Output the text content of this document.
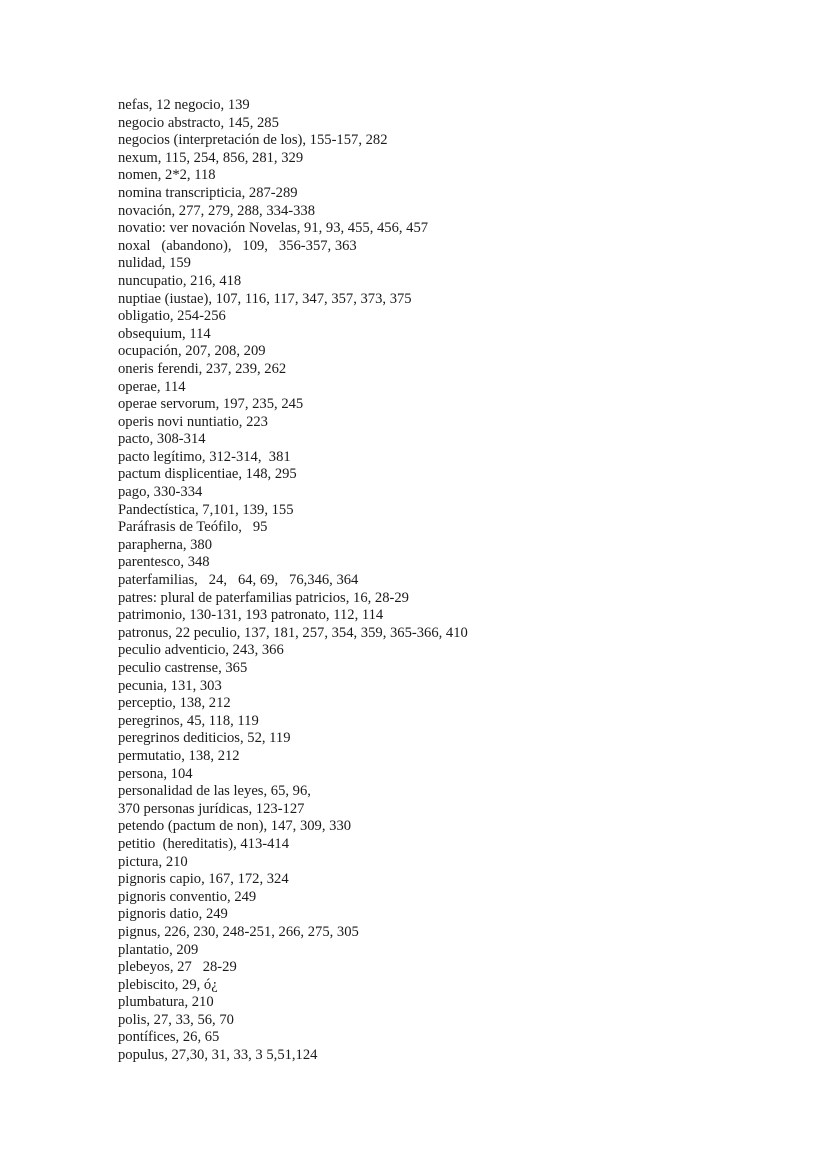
nefas, 12 negocio, 139
negocio abstracto, 145, 285
negocios (interpretación de los), 155-157, 282
nexum, 115, 254, 856, 281, 329
nomen, 2*2, 118
nomina transcripticia, 287-289
novación, 277, 279, 288, 334-338
novatio: ver novación Novelas, 91, 93, 455, 456, 457
noxal   (abandono),   109,   356-357, 363
nulidad, 159
nuncupatio, 216, 418
nuptiae (iustae), 107, 116, 117, 347, 357, 373, 375
obligatio, 254-256
obsequium, 114
ocupación, 207, 208, 209
oneris ferendi, 237, 239, 262
operae, 114
operae servorum, 197, 235, 245
operis novi nuntiatio, 223
pacto, 308-314
pacto legítimo, 312-314,  381
pactum displicentiae, 148, 295
pago, 330-334
Pandectística, 7,101, 139, 155
Paráfrasis de Teófilo,   95
parapherna, 380
parentesco, 348
paterfamilias,   24,   64, 69,   76,346, 364
patres: plural de paterfamilias patricios, 16, 28-29
patrimonio, 130-131, 193 patronato, 112, 114
patronus, 22 peculio, 137, 181, 257, 354, 359, 365-366, 410
peculio adventicio, 243, 366
peculio castrense, 365
pecunia, 131, 303
perceptio, 138, 212
peregrinos, 45, 118, 119
peregrinos dediticios, 52, 119
permutatio, 138, 212
persona, 104
personalidad de las leyes, 65, 96,
370 personas jurídicas, 123-127
petendo (pactum de non), 147, 309, 330
petitio  (hereditatis), 413-414
pictura, 210
pignoris capio, 167, 172, 324
pignoris conventio, 249
pignoris datio, 249
pignus, 226, 230, 248-251, 266, 275, 305
plantatio, 209
plebeyos, 27   28-29
plebiscito, 29, ó¿
plumbatura, 210
polis, 27, 33, 56, 70
pontífices, 26, 65
populus, 27,30, 31, 33, 3 5,51,124
